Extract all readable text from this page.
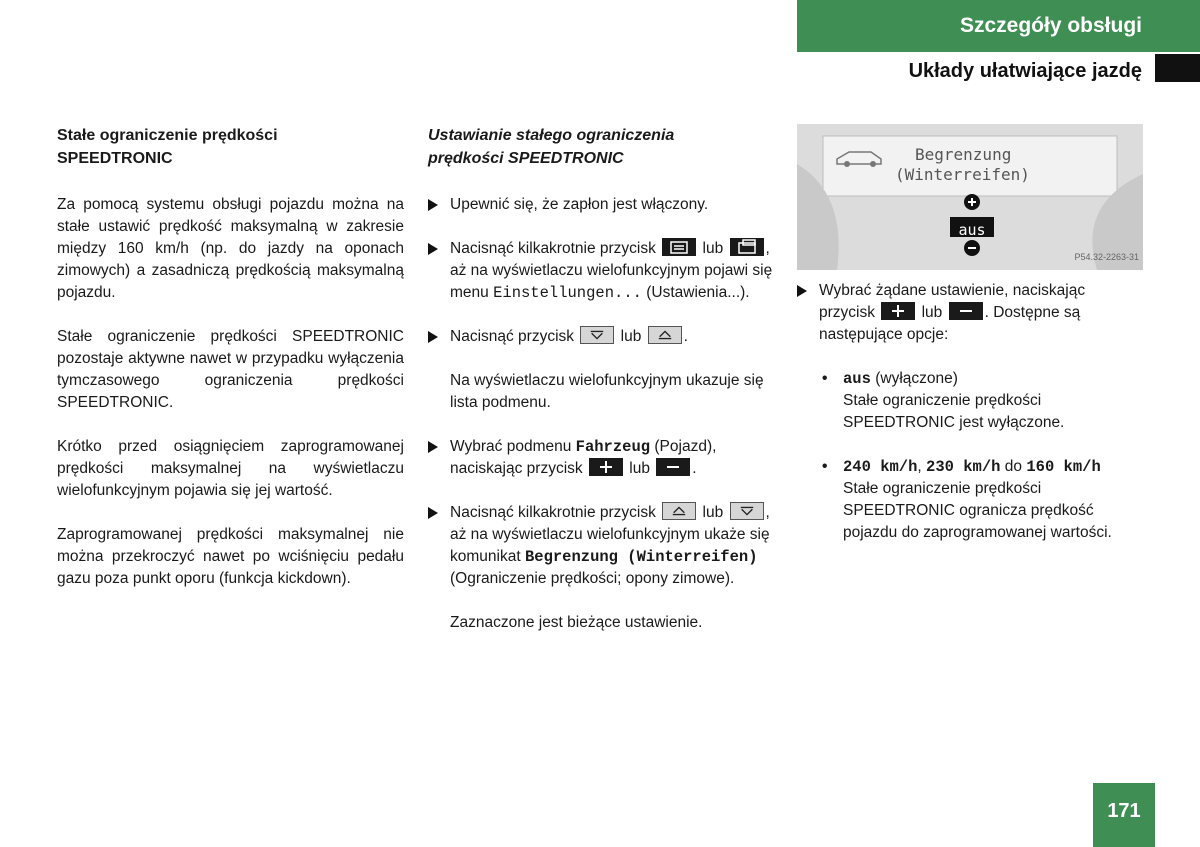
Szczegóły obsługi
Układy ułatwiające jazdę
Stałe ograniczenie prędkości
SPEEDTRONIC

Za pomocą systemu obsługi pojazdu można na stałe ustawić prędkość maksymalną w zakresie między 160 km/h (np. do jazdy na oponach zimowych) a zasadniczą prędkością maksymalną pojazdu.

Stałe ograniczenie prędkości SPEEDTRONIC pozostaje aktywne nawet w przypadku wyłączenia tymczasowego ograniczenia prędkości SPEEDTRONIC.

Krótko przed osiągnięciem zaprogramowanej prędkości maksymalnej na wyświetlaczu wielofunkcyjnym pojawia się jej wartość.

Zaprogramowanej prędkości maksymalnej nie można przekroczyć nawet po wciśnięciu pedału gazu poza punkt oporu (funkcja kickdown).

Ustawianie stałego ograniczenia
prędkości SPEEDTRONIC
Upewnić się, że zapłon jest włączony.
Nacisnąć kilkakrotnie przycisk	lub	, aż na wyświetlaczu wielofunkcyjnym pojawi się menu Einstellungen... (Ustawienia...).
Nacisnąć przycisk	lub	.

Na wyświetlaczu wielofunkcyjnym ukazuje się lista podmenu.

Wybrać podmenu Fahrzeug (Pojazd), naciskając przycisk	lub	.
Nacisnąć kilkakrotnie przycisk	lub	, aż na wyświetlaczu wielofunkcyjnym ukaże się komunikat Begrenzung (Winterreifen) (Ograniczenie prędkości; opony zimowe).

Zaznaczone jest bieżące ustawienie.

Begrenzung
(Winterreifen)
aus
P54.32-2263-31
Wybrać żądane ustawienie, naciskając przycisk	lub	. Dostępne są następujące opcje:
• aus (wyłączone)
Stałe ograniczenie prędkości SPEEDTRONIC jest wyłączone.
• 240 km/h, 230 km/h do 160 km/h
Stałe ograniczenie prędkości SPEEDTRONIC ogranicza prędkość pojazdu do zaprogramowanej wartości.
171
